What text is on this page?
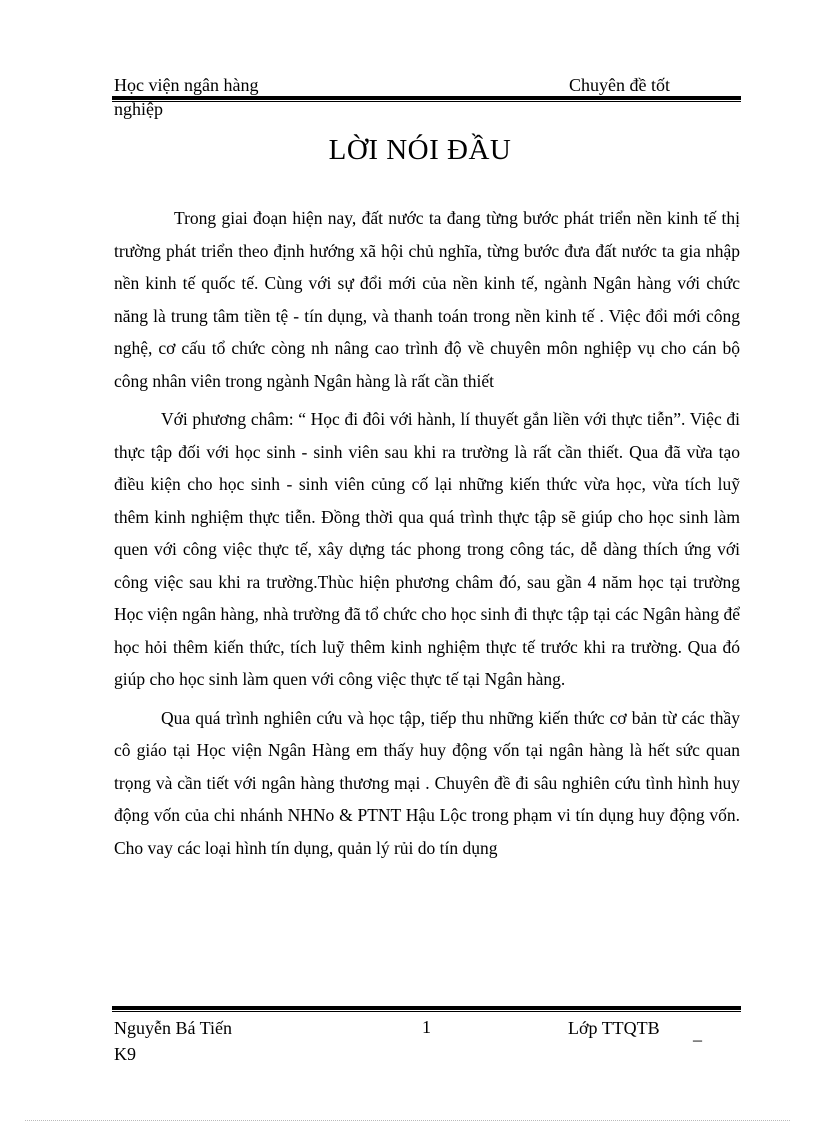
Học viện ngân hàng	Chuyên đề tốt
nghiệp
LỜI NÓI ĐẦU

Trong giai đoạn hiện nay, đất nước ta đang từng bước phát triển nền kinh tế thị trường phát triển theo định hướng xã hội chủ nghĩa, từng bước đưa đất nước ta gia nhập nền kinh tế quốc tế. Cùng với sự đổi mới của nền kinh tế, ngành Ngân hàng với chức năng là trung tâm tiền tệ - tín dụng, và thanh toán trong nền kinh tế . Việc đổi mới công nghệ, cơ cấu tổ chức còng nh nâng cao trình độ về chuyên môn nghiệp vụ cho cán bộ công nhân viên trong ngành Ngân hàng là rất cần thiết

Với phương châm: “ Học đi đôi với hành, lí thuyết gắn liền với thực tiễn”. Việc đi thực tập đối với học sinh - sinh viên sau khi ra trường là rất cần thiết. Qua đã vừa tạo điều kiện cho học sinh - sinh viên củng cố lại những kiến thức vừa học, vừa tích luỹ thêm kinh nghiệm thực tiễn. Đồng thời qua quá trình thực tập sẽ giúp cho học sinh làm quen với công việc thực tế, xây dựng tác phong trong công tác, dễ dàng thích ứng với công việc sau khi ra trường.Thùc hiện phương châm đó, sau gần 4 năm học tại trường Học viện ngân hàng, nhà trường đã tổ chức cho học sinh đi thực tập tại các Ngân hàng để học hỏi thêm kiến thức, tích luỹ thêm kinh nghiệm thực tế trước khi ra trường. Qua đó giúp cho học sinh làm quen với công việc thực tế tại Ngân hàng.

Qua quá trình nghiên cứu và học tập, tiếp thu những kiến thức cơ bản từ các thầy cô giáo tại Học viện Ngân Hàng em thấy huy động vốn tại ngân hàng là hết sức quan trọng và cần tiết với ngân hàng thương mại . Chuyên đề đi sâu nghiên cứu tình hình huy động vốn của chi nhánh NHNo & PTNT Hậu Lộc trong phạm vi tín dụng huy động vốn. Cho vay các loại hình tín dụng, quản lý rủi do tín dụng

Nguyễn Bá Tiến
K9
1	Lớp TTQTB _
